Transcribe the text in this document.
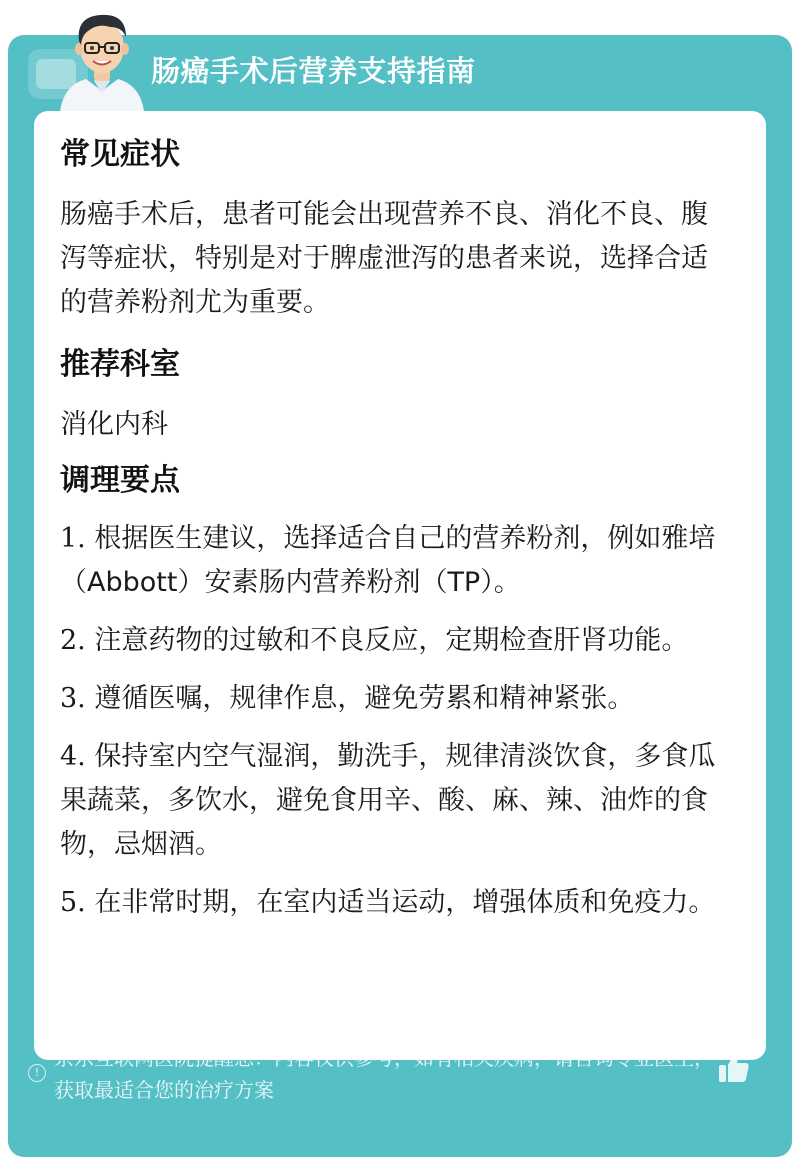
肠癌手术后营养支持指南
常见症状
肠癌手术后，患者可能会出现营养不良、消化不良、腹泻等症状，特别是对于脾虚泄泻的患者来说，选择合适的营养粉剂尤为重要。
推荐科室
消化内科
调理要点
1. 根据医生建议，选择适合自己的营养粉剂，例如雅培（Abbott）安素肠内营养粉剂（TP）。
2. 注意药物的过敏和不良反应，定期检查肝肾功能。
3. 遵循医嘱，规律作息，避免劳累和精神紧张。
4. 保持室内空气湿润，勤洗手，规律清淡饮食，多食瓜果蔬菜，多饮水，避免食用辛、酸、麻、辣、油炸的食物，忌烟酒。
5. 在非常时期，在室内适当运动，增强体质和免疫力。
!
京东互联网医院提醒您：内容仅供参考，如有相关疾病，请咨询专业医生，获取最适合您的治疗方案
